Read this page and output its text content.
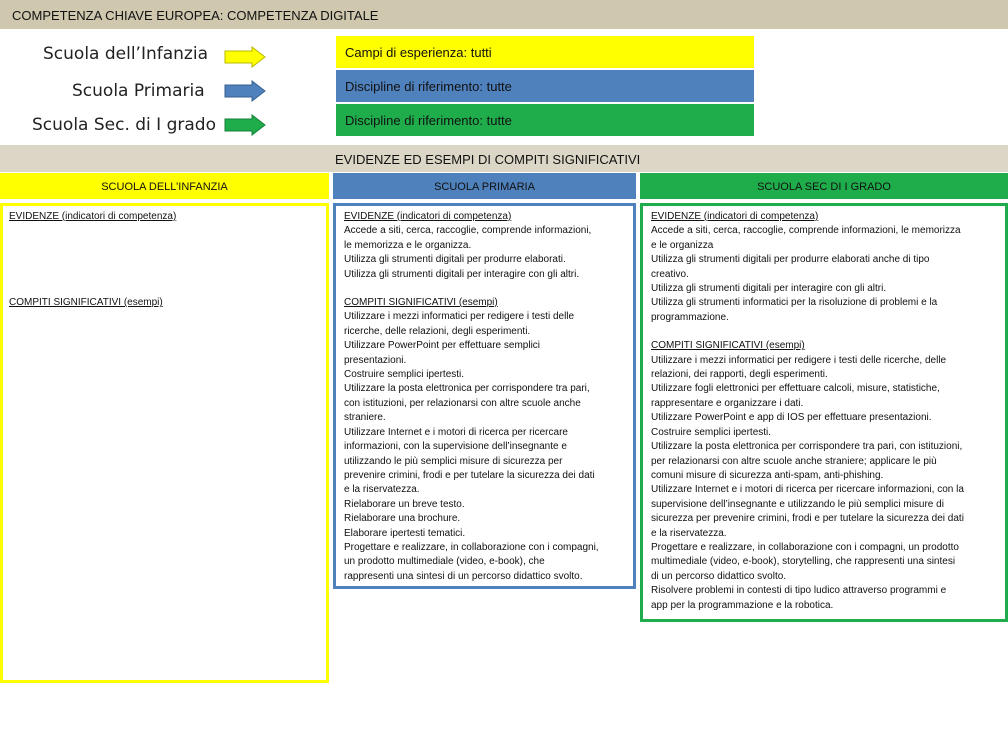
COMPETENZA CHIAVE EUROPEA: COMPETENZA DIGITALE
Scuola dell’Infanzia	Campi di esperienza: tutti
Scuola Primaria	Discipline di riferimento: tutte
Scuola Sec. di I grado	Discipline di riferimento: tutte
EVIDENZE ED ESEMPI DI COMPITI SIGNIFICATIVI
SCUOLA DELL’INFANZIA	SCUOLA PRIMARIA	SCUOLA SEC DI I GRADO
EVIDENZE (indicatori di competenza)
COMPITI SIGNIFICATIVI (esempi)
EVIDENZE (indicatori di competenza)
Accede a siti, cerca, raccoglie, comprende informazioni,
le memorizza e le organizza.
Utilizza gli strumenti digitali per produrre elaborati.
Utilizza gli strumenti digitali per interagire con gli altri.
COMPITI SIGNIFICATIVI (esempi)
Utilizzare i mezzi informatici per redigere i testi delle
ricerche, delle relazioni, degli esperimenti.
Utilizzare PowerPoint per effettuare semplici
presentazioni.
Costruire semplici ipertesti.
Utilizzare la posta elettronica per corrispondere tra pari,
con istituzioni, per relazionarsi con altre scuole anche
straniere.
Utilizzare Internet e i motori di ricerca per ricercare
informazioni, con la supervisione dell’insegnante e
utilizzando le più semplici misure di sicurezza per
prevenire crimini, frodi e per tutelare la sicurezza dei dati
e la riservatezza.
Rielaborare un breve testo.
Rielaborare una brochure.
Elaborare ipertesti tematici.
Progettare e realizzare, in collaborazione con i compagni,
un prodotto multimediale (video, e-book), che
rappresenti una sintesi di un percorso didattico svolto.
EVIDENZE (indicatori di competenza)
Accede a siti, cerca, raccoglie, comprende informazioni, le memorizza
e le organizza
Utilizza gli strumenti digitali per produrre elaborati anche di tipo
creativo.
Utilizza gli strumenti digitali per interagire con gli altri.
Utilizza gli strumenti informatici per la risoluzione di problemi e la
programmazione.
COMPITI SIGNIFICATIVI (esempi)
Utilizzare i mezzi informatici per redigere i testi delle ricerche, delle
relazioni, dei rapporti, degli esperimenti.
Utilizzare fogli elettronici per effettuare calcoli, misure, statistiche,
rappresentare e organizzare i dati.
Utilizzare PowerPoint e app di IOS per effettuare presentazioni.
Costruire semplici ipertesti.
Utilizzare la posta elettronica per corrispondere tra pari, con istituzioni,
per relazionarsi con altre scuole anche straniere; applicare le più
comuni misure di sicurezza anti-spam, anti-phishing.
Utilizzare Internet e i motori di ricerca per ricercare informazioni, con la
supervisione dell’insegnante e utilizzando le più semplici misure di
sicurezza per prevenire crimini, frodi e per tutelare la sicurezza dei dati
e la riservatezza.
Progettare e realizzare, in collaborazione con i compagni, un prodotto
multimediale (video, e-book), storytelling, che rappresenti una sintesi
di un percorso didattico svolto.
Risolvere problemi in contesti di tipo ludico attraverso programmi e
app per la programmazione e la robotica.
